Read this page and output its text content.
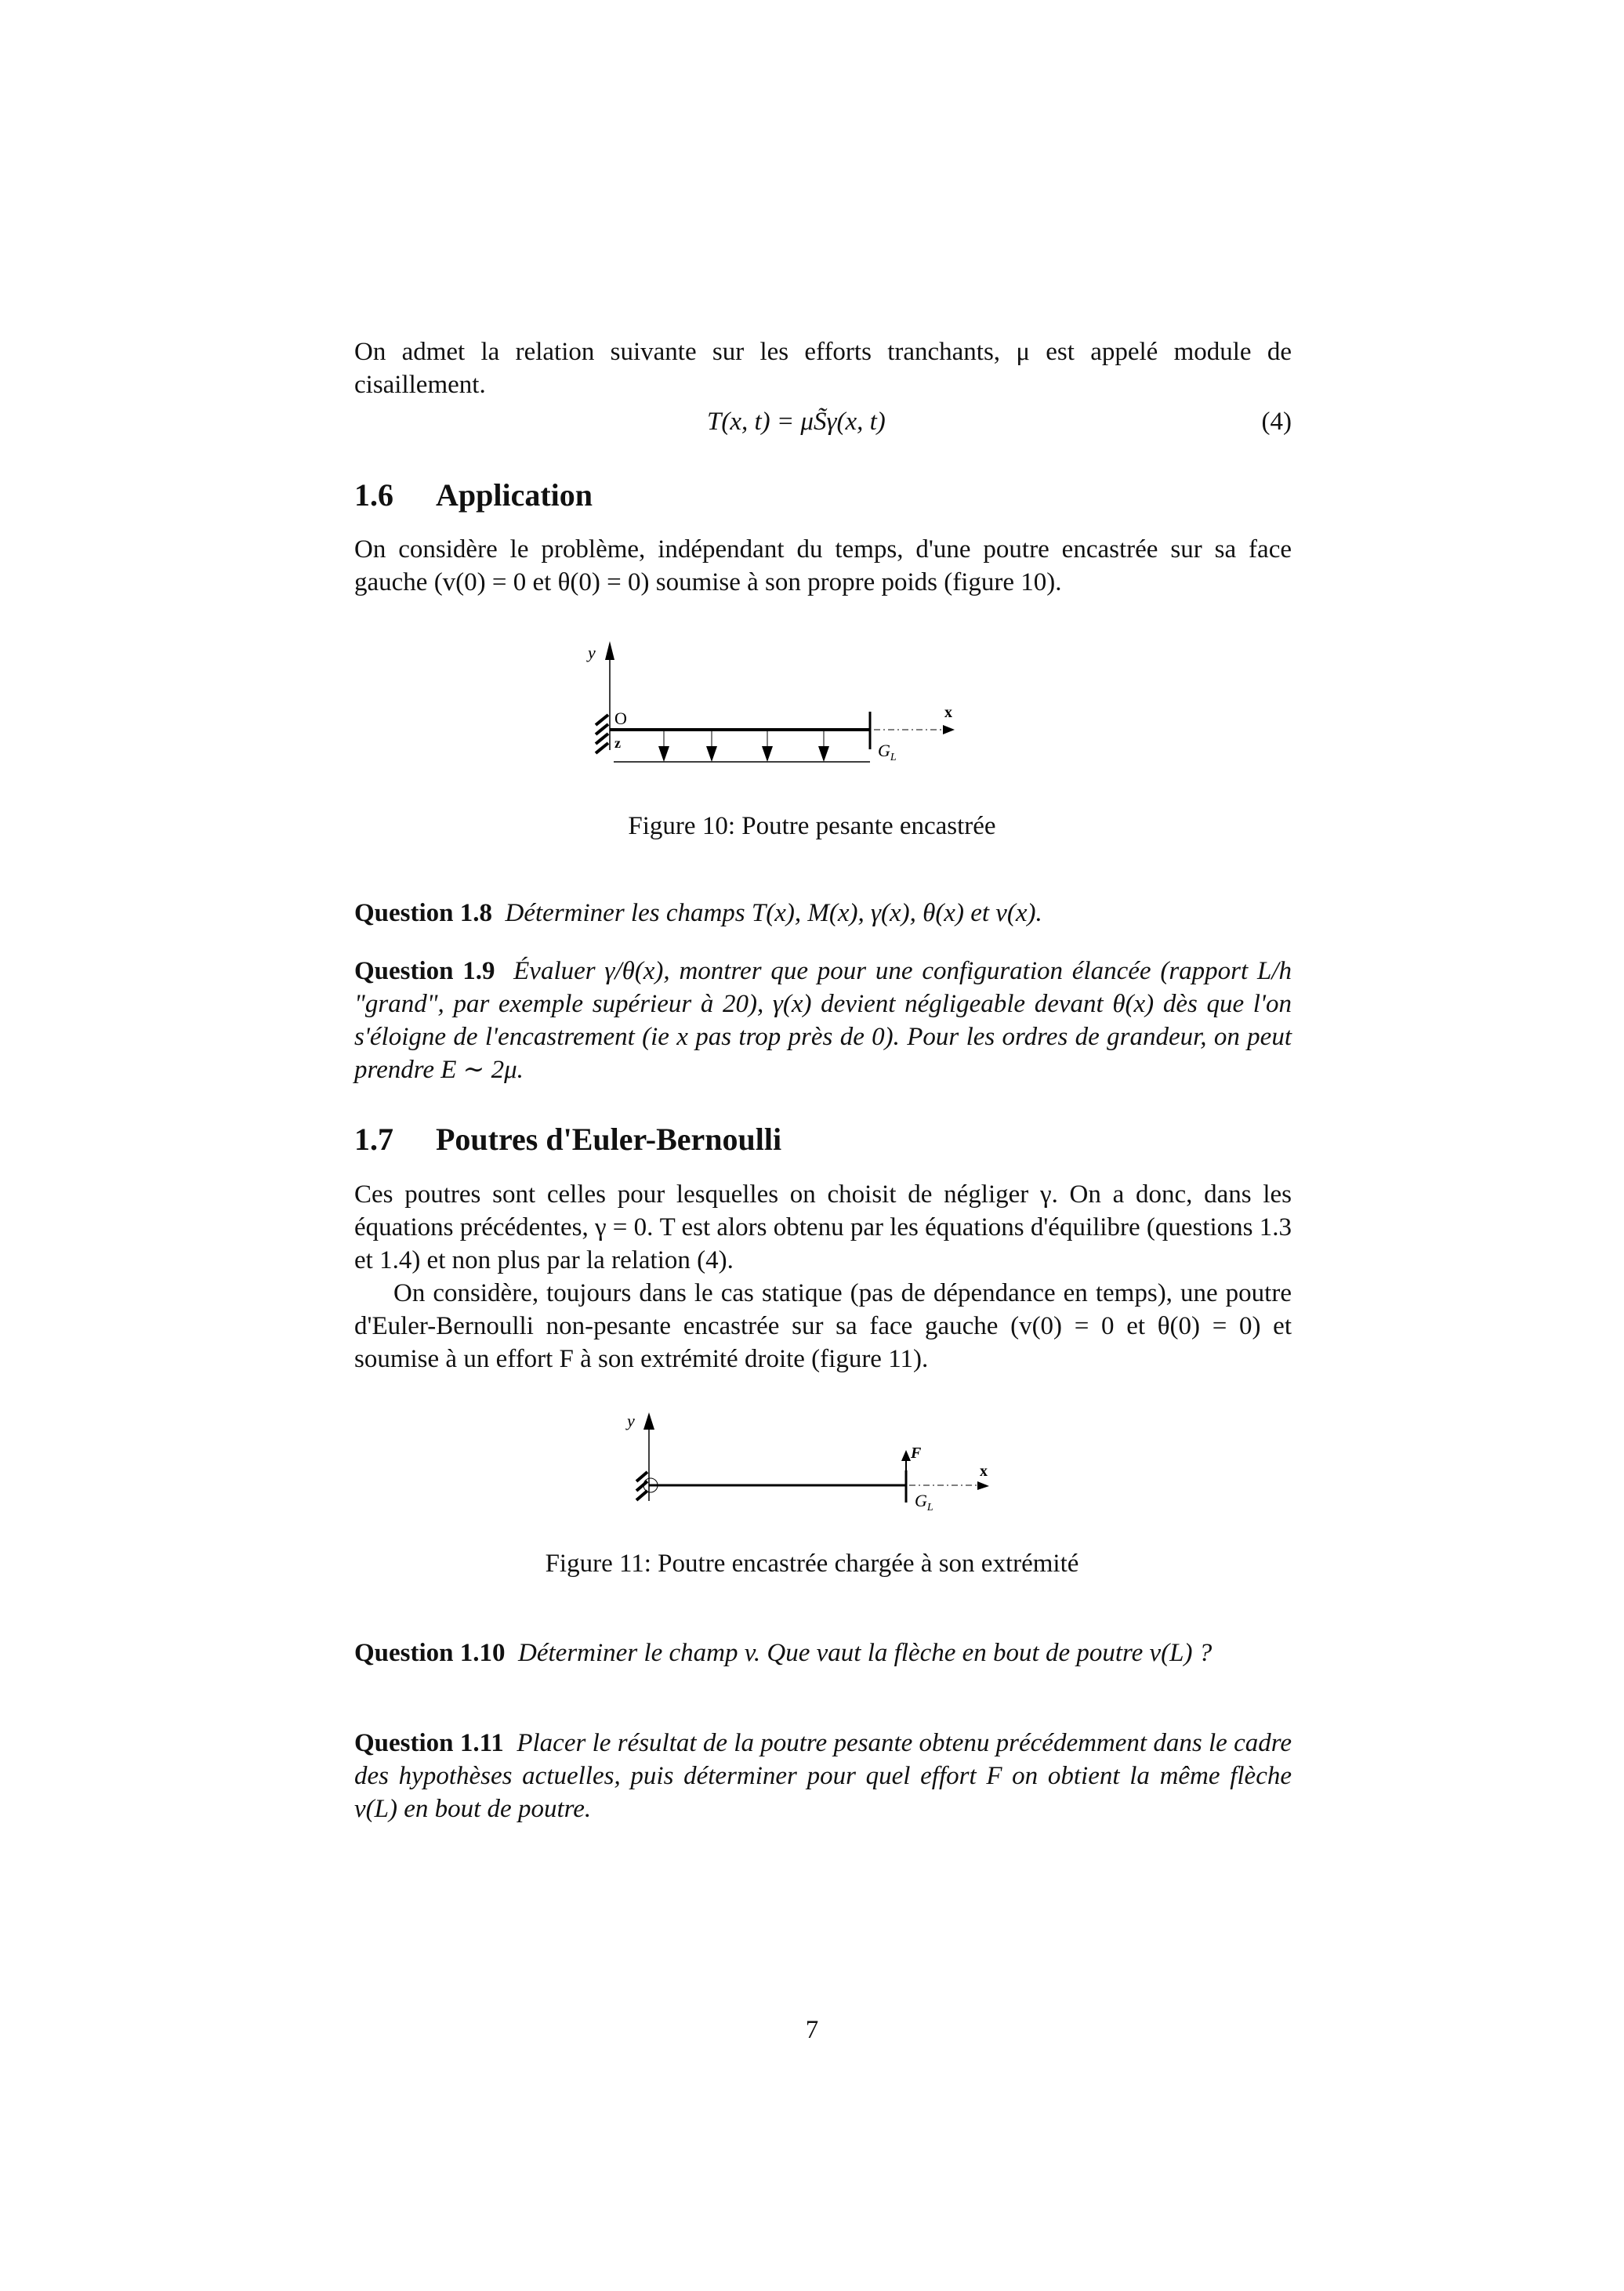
On admet la relation suivante sur les efforts tranchants, μ est appelé module de cisaillement.
T(x, t) = μS̃γ(x, t)	(4)
1.6 Application
On considère le problème, indépendant du temps, d'une poutre encastrée sur sa face gauche (v(0) = 0 et θ(0) = 0) soumise à son propre poids (figure 10).
y⃗
O
z⃗
x⃗
$G_L$
Figure 10: Poutre pesante encastrée
Question 1.8 Déterminer les champs T(x), M(x), γ(x), θ(x) et v(x).
Question 1.9 Évaluer γ/θ(x), montrer que pour une configuration élancée (rapport L/h "grand", par exemple supérieur à 20), γ(x) devient négligeable devant θ(x) dès que l'on s'éloigne de l'encastrement (ie x pas trop près de 0). Pour les ordres de grandeur, on peut prendre E ∼ 2μ.
1.7 Poutres d'Euler-Bernoulli
Ces poutres sont celles pour lesquelles on choisit de négliger γ. On a donc, dans les équations précédentes, γ = 0. T est alors obtenu par les équations d'équilibre (questions 1.3 et 1.4) et non plus par la relation (4).
On considère, toujours dans le cas statique (pas de dépendance en temps), une poutre d'Euler-Bernoulli non-pesante encastrée sur sa face gauche (v(0) = 0 et θ(0) = 0) et soumise à un effort F à son extrémité droite (figure 11).
y⃗
F
x⃗
$G_L$
Figure 11: Poutre encastrée chargée à son extrémité
Question 1.10 Déterminer le champ v. Que vaut la flèche en bout de poutre v(L) ?
Question 1.11 Placer le résultat de la poutre pesante obtenu précédemment dans le cadre des hypothèses actuelles, puis déterminer pour quel effort F on obtient la même flèche v(L) en bout de poutre.
7
